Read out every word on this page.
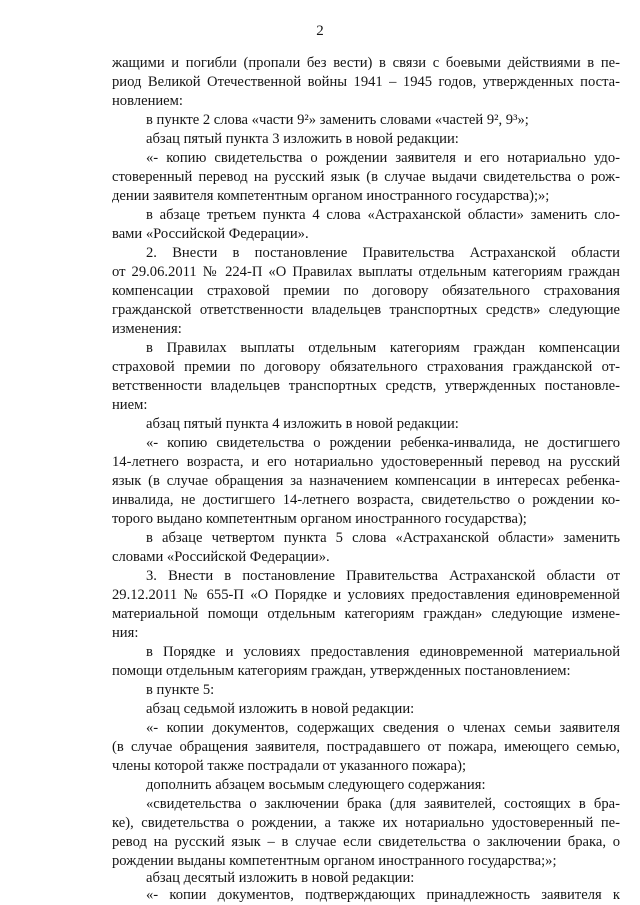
2
жащими и погибли (пропали без вести) в связи с боевыми действиями в пе-
риод Великой Отечественной войны 1941 – 1945 годов, утвержденных поста-
новлением:
в пункте 2 слова «части 9²» заменить словами «частей 9², 9³»;
абзац пятый пункта 3 изложить в новой редакции:
«- копию свидетельства о рождении заявителя и его нотариально удо-
стоверенный перевод на русский язык (в случае выдачи свидетельства о рож-
дении заявителя компетентным органом иностранного государства);»;
в абзаце третьем пункта 4 слова «Астраханской области» заменить сло-
вами «Российской Федерации».
2. Внести в постановление Правительства Астраханской области
от 29.06.2011 № 224-П «О Правилах выплаты отдельным категориям граждан
компенсации страховой премии по договору обязательного страхования
гражданской ответственности владельцев транспортных средств» следующие
изменения:
в Правилах выплаты отдельным категориям граждан компенсации
страховой премии по договору обязательного страхования гражданской от-
ветственности владельцев транспортных средств, утвержденных постановле-
нием:
абзац пятый пункта 4 изложить в новой редакции:
«- копию свидетельства о рождении ребенка-инвалида, не достигшего
14-летнего возраста, и его нотариально удостоверенный перевод на русский
язык (в случае обращения за назначением компенсации в интересах ребенка-
инвалида, не достигшего 14-летнего возраста, свидетельство о рождении ко-
торого выдано компетентным органом иностранного государства);
в абзаце четвертом пункта 5 слова «Астраханской области» заменить
словами «Российской Федерации».
3. Внести в постановление Правительства Астраханской области от
29.12.2011 № 655-П «О Порядке и условиях предоставления единовременной
материальной помощи отдельным категориям граждан» следующие измене-
ния:
в Порядке и условиях предоставления единовременной материальной
помощи отдельным категориям граждан, утвержденных постановлением:
в пункте 5:
абзац седьмой изложить в новой редакции:
«- копии документов, содержащих сведения о членах семьи заявителя
(в случае обращения заявителя, пострадавшего от пожара, имеющего семью,
члены которой также пострадали от указанного пожара);
дополнить абзацем восьмым следующего содержания:
«свидетельства о заключении брака (для заявителей, состоящих в бра-
ке), свидетельства о рождении, а также их нотариально удостоверенный пе-
ревод на русский язык – в случае если свидетельства о заключении брака, о
рождении выданы компетентным органом иностранного государства;»;
абзац десятый изложить в новой редакции:
«- копии документов, подтверждающих принадлежность заявителя к
